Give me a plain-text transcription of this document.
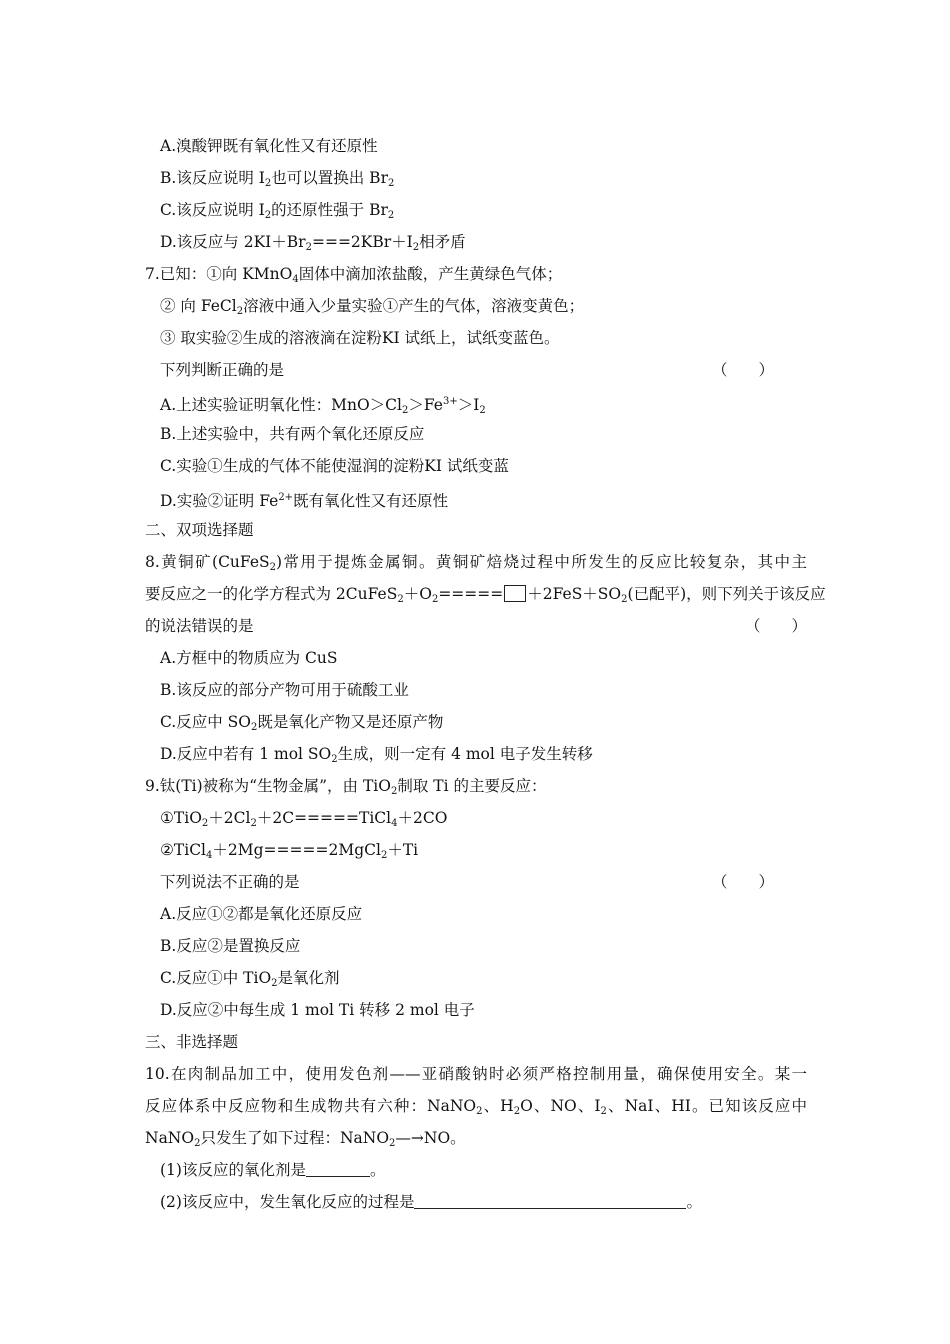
A.溴酸钾既有氧化性又有还原性
B.该反应说明 $I_2$也可以置换出 $Br_2$
C.该反应说明 $I_2$的还原性强于 $Br_2$
D.该反应与 $2KI+Br_2===2KBr+I_2$相矛盾
7.已知：①向 KMnO$_4$固体中滴加浓盐酸，产生黄绿色气体；
② 向 FeCl$_2$溶液中通入少量实验①产生的气体，溶液变黄色；
③ 取实验②生成的溶液滴在淀粉KI 试纸上，试纸变蓝色。
下列判断正确的是	（　　）
A.上述实验证明氧化性：$MnO>Cl_2>Fe^{3+}>I_2$
B.上述实验中，共有两个氧化还原反应
C.实验①生成的气体不能使湿润的淀粉KI 试纸变蓝
D.实验②证明 $Fe^{2+}$既有氧化性又有还原性
二、双项选择题
8.黄铜矿(CuFeS$_2$)常用于提炼金属铜。黄铜矿焙烧过程中所发生的反应比较复杂，其中主
要反应之一的化学方程式为 $2CuFeS_2+O_2===== +2FeS+SO_2$(已配平)，则下列关于该反应
的说法错误的是	（　　）
A.方框中的物质应为 CuS
B.该反应的部分产物可用于硫酸工业
C.反应中 $SO_2$既是氧化产物又是还原产物
D.反应中若有 1 mol $SO_2$生成，则一定有 4 mol 电子发生转移
9.钛(Ti)被称为“生物金属”，由 TiO$_2$制取 Ti 的主要反应：
$①TiO_2+2Cl_2+2C=====TiCl_4+2CO$
②TiCl$_4$＋2Mg=====2MgCl$_2$＋Ti
下列说法不正确的是	（　　）
A.反应①②都是氧化还原反应
B.反应②是置换反应
C.反应①中 TiO$_2$是氧化剂
D.反应②中每生成 1 mol Ti 转移 2 mol 电子
三、非选择题
10.在肉制品加工中，使用发色剂——亚硝酸钠时必须严格控制用量，确保使用安全。某一
反应体系中反应物和生成物共有六种：NaNO$_2$、$H_2O$、NO、$I_2$、NaI、HI。已知该反应中
NaNO$_2$只发生了如下过程：NaNO$_2$—→NO。
(1)该反应的氧化剂是	。
(2)该反应中，发生氧化反应的过程是	。
